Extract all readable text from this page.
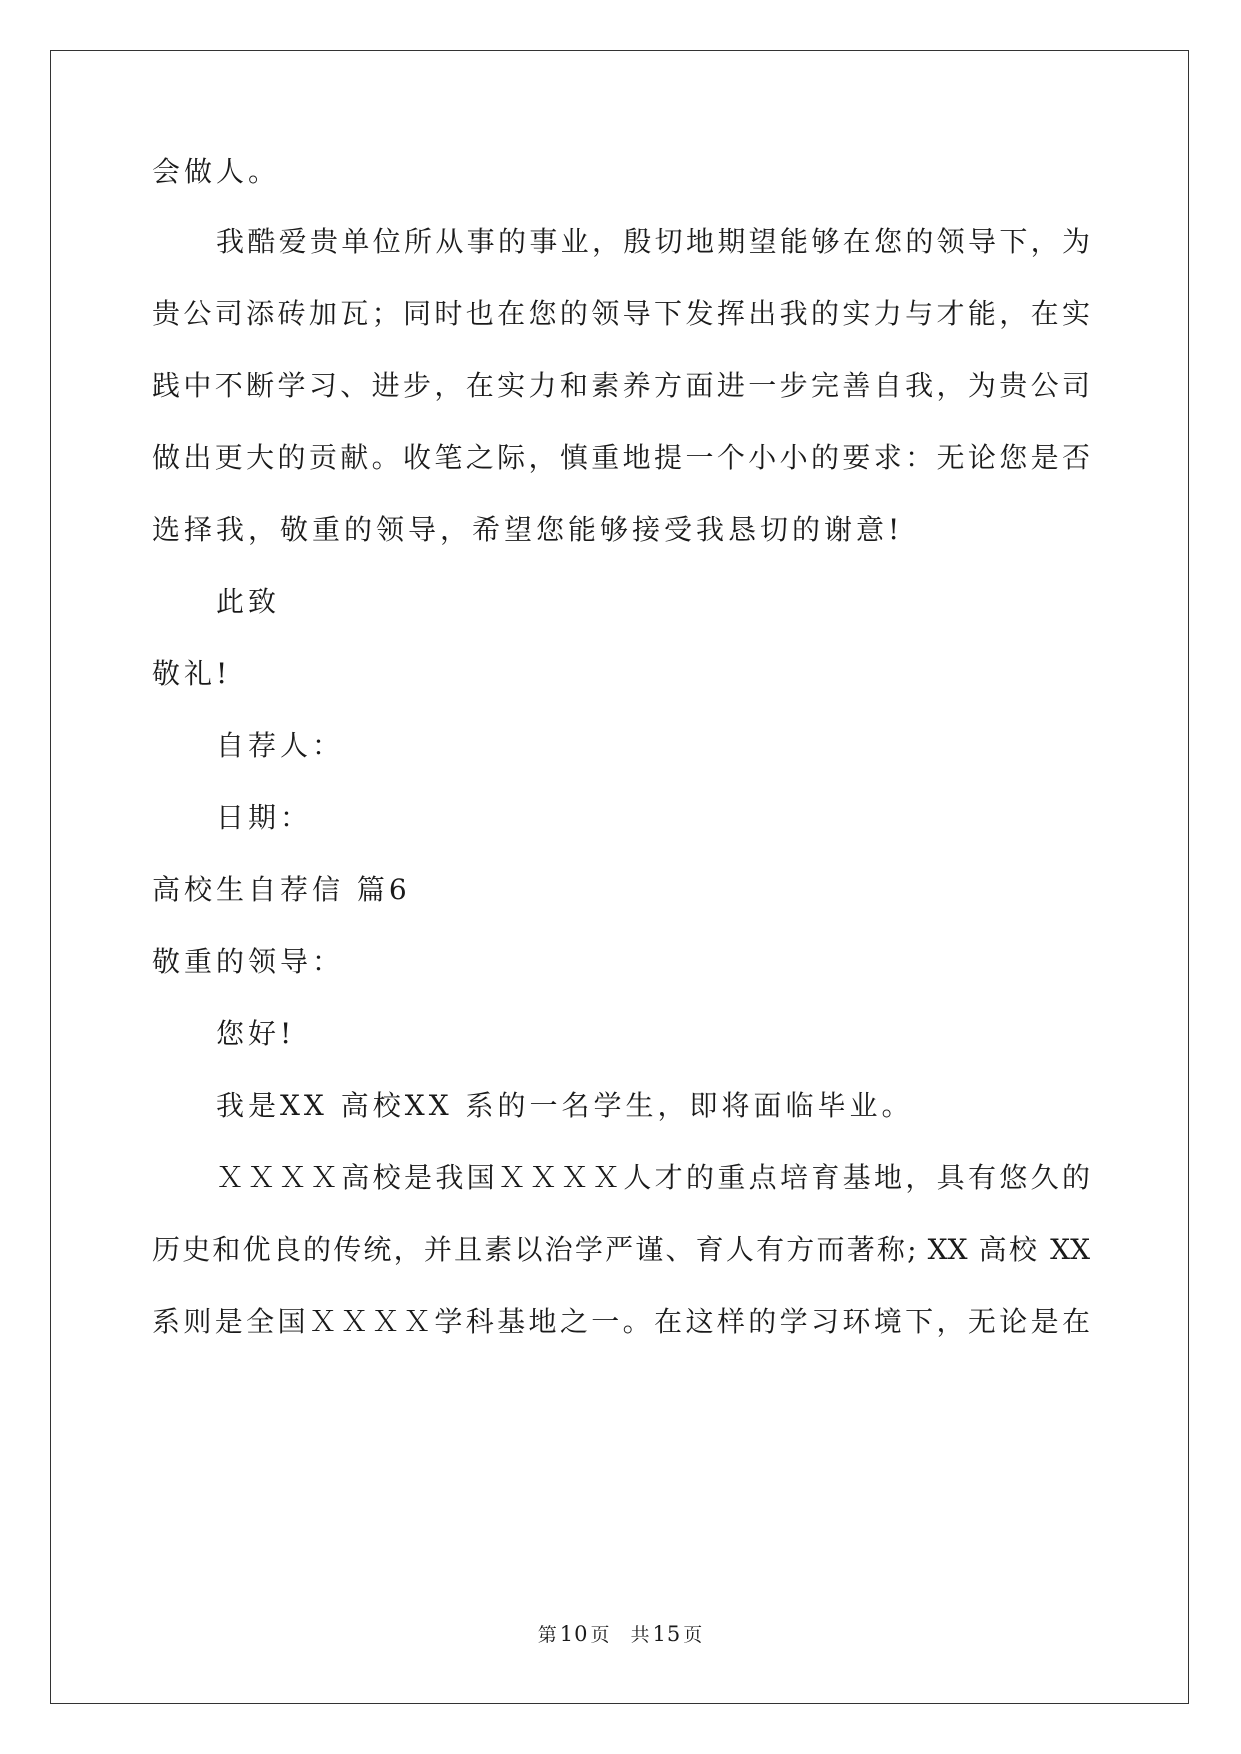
会做人。
我酷爱贵单位所从事的事业，殷切地期望能够在您的领导下，为
贵公司添砖加瓦；同时也在您的领导下发挥出我的实力与才能，在实
践中不断学习、进步，在实力和素养方面进一步完善自我，为贵公司
做出更大的贡献。收笔之际，慎重地提一个小小的要求：无论您是否
选择我，敬重的领导，希望您能够接受我恳切的谢意!
此致
敬礼!
自荐人：
日期：
高校生自荐信 篇6
敬重的领导：
您好!
我是XX 高校XX 系的一名学生，即将面临毕业。
ＸＸＸＸ高校是我国ＸＸＸＸ人才的重点培育基地，具有悠久的
历史和优良的传统，并且素以治学严谨、育人有方而著称; XX 高校 XX
系则是全国ＸＸＸＸ学科基地之一。在这样的学习环境下，无论是在
第10 页 共15 页
